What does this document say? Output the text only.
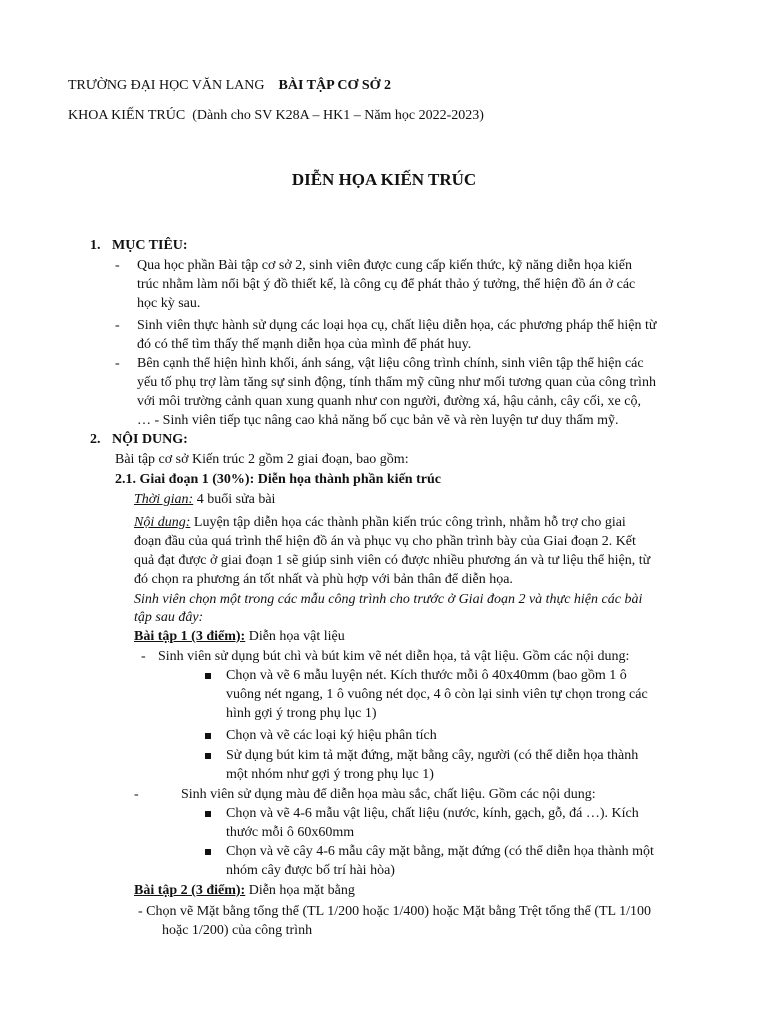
TRƯỜNG ĐẠI HỌC VĂN LANG BÀI TẬP CƠ SỞ 2
KHOA KIẾN TRÚC (Dành cho SV K28A – HK1 – Năm học 2022-2023)
DIỄN HỌA KIẾN TRÚC
1. MỤC TIÊU:
- Qua học phần Bài tập cơ sở 2, sinh viên được cung cấp kiến thức, kỹ năng diễn họa kiến
trúc nhằm làm nổi bật ý đồ thiết kế, là công cụ để phát thảo ý tưởng, thể hiện đồ án ở các
học kỳ sau.
- Sinh viên thực hành sử dụng các loại họa cụ, chất liệu diễn họa, các phương pháp thể hiện từ
đó có thể tìm thấy thế mạnh diễn họa của mình để phát huy.
- Bên cạnh thể hiện hình khối, ánh sáng, vật liệu công trình chính, sinh viên tập thể hiện các
yếu tố phụ trợ làm tăng sự sinh động, tính thẩm mỹ cũng như mối tương quan của công trình
với môi trường cảnh quan xung quanh như con người, đường xá, hậu cảnh, cây cối, xe cộ,
… - Sinh viên tiếp tục nâng cao khả năng bố cục bản vẽ và rèn luyện tư duy thẩm mỹ.
2. NỘI DUNG:
Bài tập cơ sở Kiến trúc 2 gồm 2 giai đoạn, bao gồm:
2.1. Giai đoạn 1 (30%): Diễn họa thành phần kiến trúc
Thời gian: 4 buổi sửa bài
Nội dung: Luyện tập diễn họa các thành phần kiến trúc công trình, nhằm hỗ trợ cho giai
đoạn đầu của quá trình thể hiện đồ án và phục vụ cho phần trình bày của Giai đoạn 2. Kết
quả đạt được ở giai đoạn 1 sẽ giúp sinh viên có được nhiều phương án và tư liệu thể hiện, từ
đó chọn ra phương án tốt nhất và phù hợp với bản thân để diễn họa.
Sinh viên chọn một trong các mẫu công trình cho trước ở Giai đoạn 2 và thực hiện các bài
tập sau đây:
Bài tập 1 (3 điểm): Diễn họa vật liệu
- Sinh viên sử dụng bút chì và bút kim vẽ nét diễn họa, tả vật liệu. Gồm các nội dung:
Chọn và vẽ 6 mẫu luyện nét. Kích thước mỗi ô 40x40mm (bao gồm 1 ô
vuông nét ngang, 1 ô vuông nét dọc, 4 ô còn lại sinh viên tự chọn trong các
hình gợi ý trong phụ lục 1)
Chọn và vẽ các loại ký hiệu phân tích
Sử dụng bút kim tả mặt đứng, mặt bằng cây, người (có thể diễn họa thành
một nhóm như gợi ý trong phụ lục 1)
-	Sinh viên sử dụng màu để diễn họa màu sắc, chất liệu. Gồm các nội dung:
Chọn và vẽ 4-6 mẫu vật liệu, chất liệu (nước, kính, gạch, gỗ, đá …). Kích
thước mỗi ô 60x60mm
Chọn và vẽ cây 4-6 mẫu cây mặt bằng, mặt đứng (có thể diễn họa thành một
nhóm cây được bố trí hài hòa)
Bài tập 2 (3 điểm): Diễn họa mặt bằng
- Chọn vẽ Mặt bằng tổng thể (TL 1/200 hoặc 1/400) hoặc Mặt bằng Trệt tổng thể (TL 1/100
hoặc 1/200) của công trình
